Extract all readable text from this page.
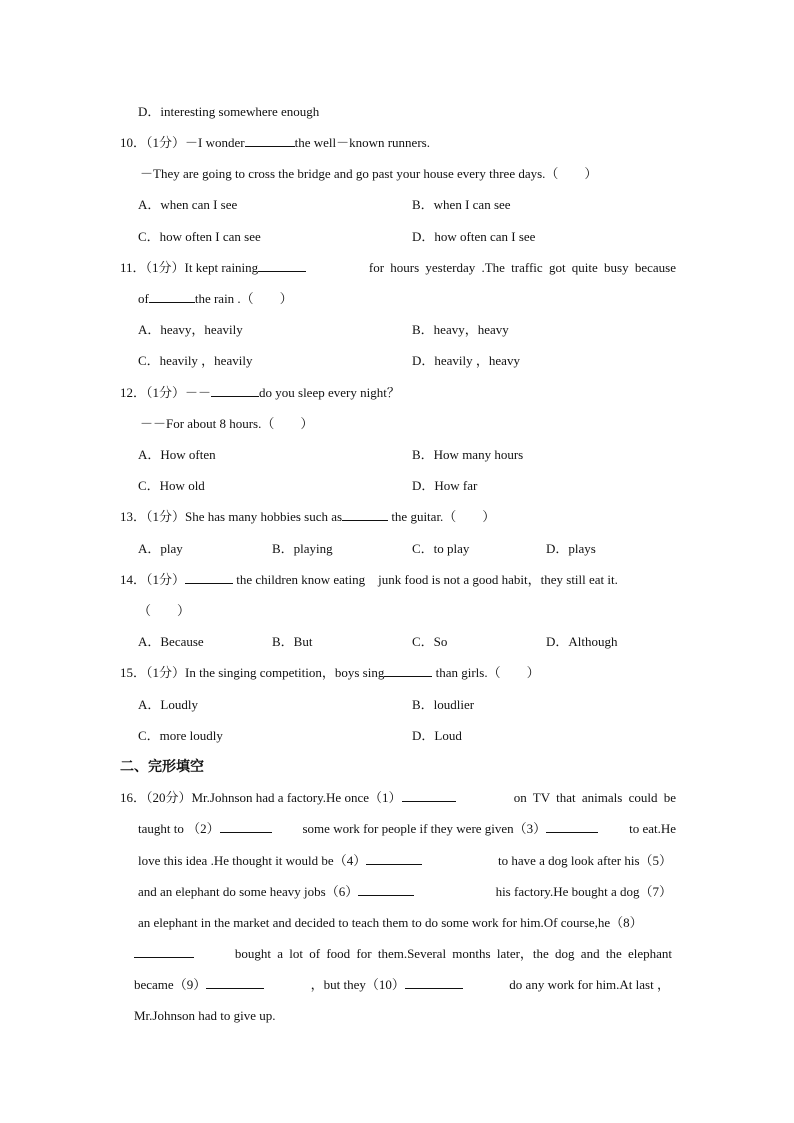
D．interesting somewhere enough
10．（1分）－I wonder	the well－known runners.
－They are going to cross the bridge and go past your house every three days.（　　）
A．when can I see	B．when I can see
C．how often I can see	D．how often can I see
11．（1分）It kept raining	for hours yesterday .The traffic got quite busy because
of	the rain .（　　）
A．heavy，heavily	B．heavy，heavy
C．heavily ，heavily	D．heavily ，heavy
12．（1分）－－	do you sleep every night？
－－For about 8 hours.（　　）
A．How often	B．How many hours
C．How old	D．How far
13．（1分）She has many hobbies such as	the guitar.（　　）
A．play	B．playing	C．to play	D．plays
14．（1分）	the children know eating　junk food is not a good habit，they still eat it.
（　　）
A．Because	B．But	C．So	D．Although
15．（1分）In the singing competition，boys sing	than girls.（　　）
A．Loudly	B．loudlier
C．more loudly	D．Loud
二、完形填空
16．（20分）Mr.Johnson had a factory.He once（1）	on TV that animals could be
taught to （2）	some work for people if they were given（3）	to eat.He
love this idea .He thought it would be（4）	to have a dog look after his（5）
and an elephant do some heavy jobs（6）	his factory.He bought a dog（7）
an elephant in the market and decided to teach them to do some work for him.Of course,he（8）
bought a lot of food for them.Several months later，the dog and the elephant
became（9）	，but they（10）	do any work for him.At last ，
Mr.Johnson had to give up.
